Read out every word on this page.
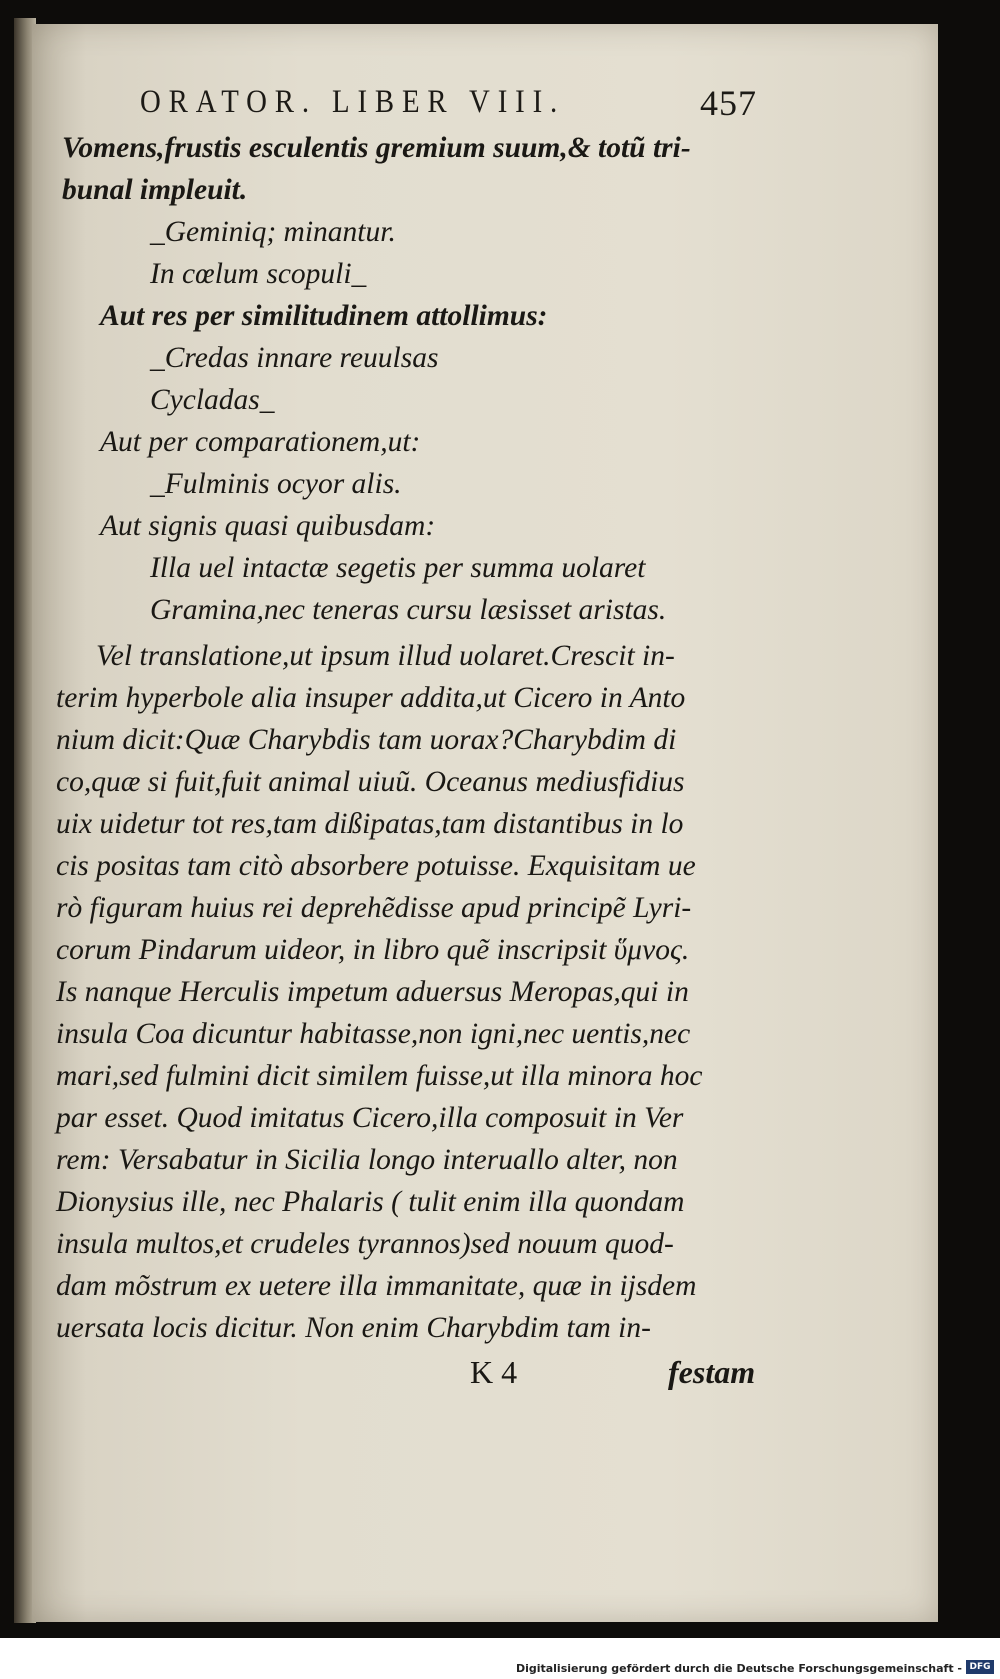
ORATOR. LIBER VIII.	457
Vomens,frustis esculentis gremium suum,& totũ tri-
bunal impleuit.
_Geminiq; minantur.
In cœlum scopuli_
Aut res per similitudinem attollimus:
_Credas innare reuulsas
Cycladas_
Aut per comparationem,ut:
_Fulminis ocyor alis.
Aut signis quasi quibusdam:
Illa uel intactæ segetis per summa uolaret
Gramina,nec teneras cursu læsisset aristas.
Vel translatione,ut ipsum illud uolaret.Crescit in-
terim hyperbole alia insuper addita,ut Cicero in Anto
nium dicit:Quæ Charybdis tam uorax?Charybdim di
co,quæ si fuit,fuit animal uiuũ. Oceanus mediusfidius
uix uidetur tot res,tam dißipatas,tam distantibus in lo
cis positas tam citò absorbere potuisse. Exquisitam ue
rò figuram huius rei deprehẽdisse apud principẽ Lyri-
corum Pindarum uideor, in libro quẽ inscripsit ὕμνος.
Is nanque Herculis impetum aduersus Meropas,qui in
insula Coa dicuntur habitasse,non igni,nec uentis,nec
mari,sed fulmini dicit similem fuisse,ut illa minora hoc
par esset. Quod imitatus Cicero,illa composuit in Ver
rem: Versabatur in Sicilia longo interuallo alter, non
Dionysius ille, nec Phalaris ( tulit enim illa quondam
insula multos,et crudeles tyrannos)sed nouum quod-
dam mõstrum ex uetere illa immanitate, quæ in ijsdem
uersata locis dicitur. Non enim Charybdim tam in-
K 4	festam
Digitalisierung gefördert durch die Deutsche Forschungsgemeinschaft - DFG
